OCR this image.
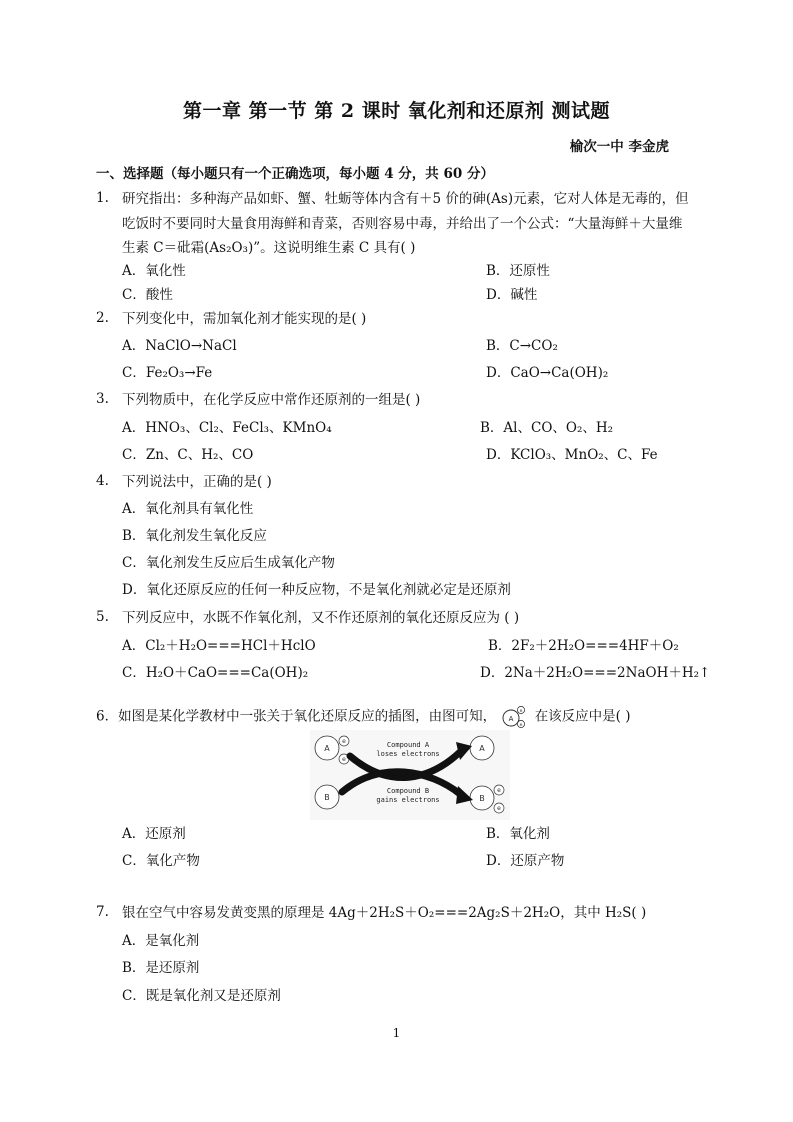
第一章 第一节 第 2 课时 氧化剂和还原剂 测试题
榆次一中 李金虎
一、选择题（每小题只有一个正确选项，每小题 4 分，共 60 分）
1. 研究指出：多种海产品如虾、蟹、牡蛎等体内含有＋5 价的砷(As)元素，它对人体是无毒的，但
吃饭时不要同时大量食用海鲜和青菜，否则容易中毒，并给出了一个公式：“大量海鲜＋大量维
生素 C＝砒霜(As₂O₃)”。这说明维生素 C 具有( )
A．氧化性	B．还原性
C．酸性	D．碱性
2. 下列变化中，需加氧化剂才能实现的是( )
A．NaClO→NaCl	B．C→CO₂
C．Fe₂O₃→Fe	D．CaO→Ca(OH)₂
3. 下列物质中，在化学反应中常作还原剂的一组是( )
A．HNO₃、Cl₂、FeCl₃、KMnO₄	B．Al、CO、O₂、H₂
C．Zn、C、H₂、CO	D．KClO₃、MnO₂、C、Fe
4. 下列说法中，正确的是( )
A．氧化剂具有氧化性
B．氧化剂发生氧化反应
C．氧化剂发生反应后生成氧化产物
D．氧化还原反应的任何一种反应物，不是氧化剂就必定是还原剂
5. 下列反应中，水既不作氧化剂，又不作还原剂的氧化还原反应为 ( )
A．Cl₂＋H₂O===HCl＋HclO	B．2F₂＋2H₂O===4HF＋O₂
C．H₂O＋CaO===Ca(OH)₂	D．2Na＋2H₂O===2NaOH＋H₂↑
6．如图是某化学教材中一张关于氧化还原反应的插图，由图可知， A
e
e
在该反应中是( )
A
e
e
B
A
B
e
e
Compound A
loses electrons
Compound B
gains electrons
A．还原剂	B．氧化剂
C．氧化产物	D．还原产物
7. 银在空气中容易发黄变黑的原理是 4Ag＋2H₂S＋O₂===2Ag₂S＋2H₂O，其中 H₂S( )
A．是氧化剂
B．是还原剂
C．既是氧化剂又是还原剂
1
